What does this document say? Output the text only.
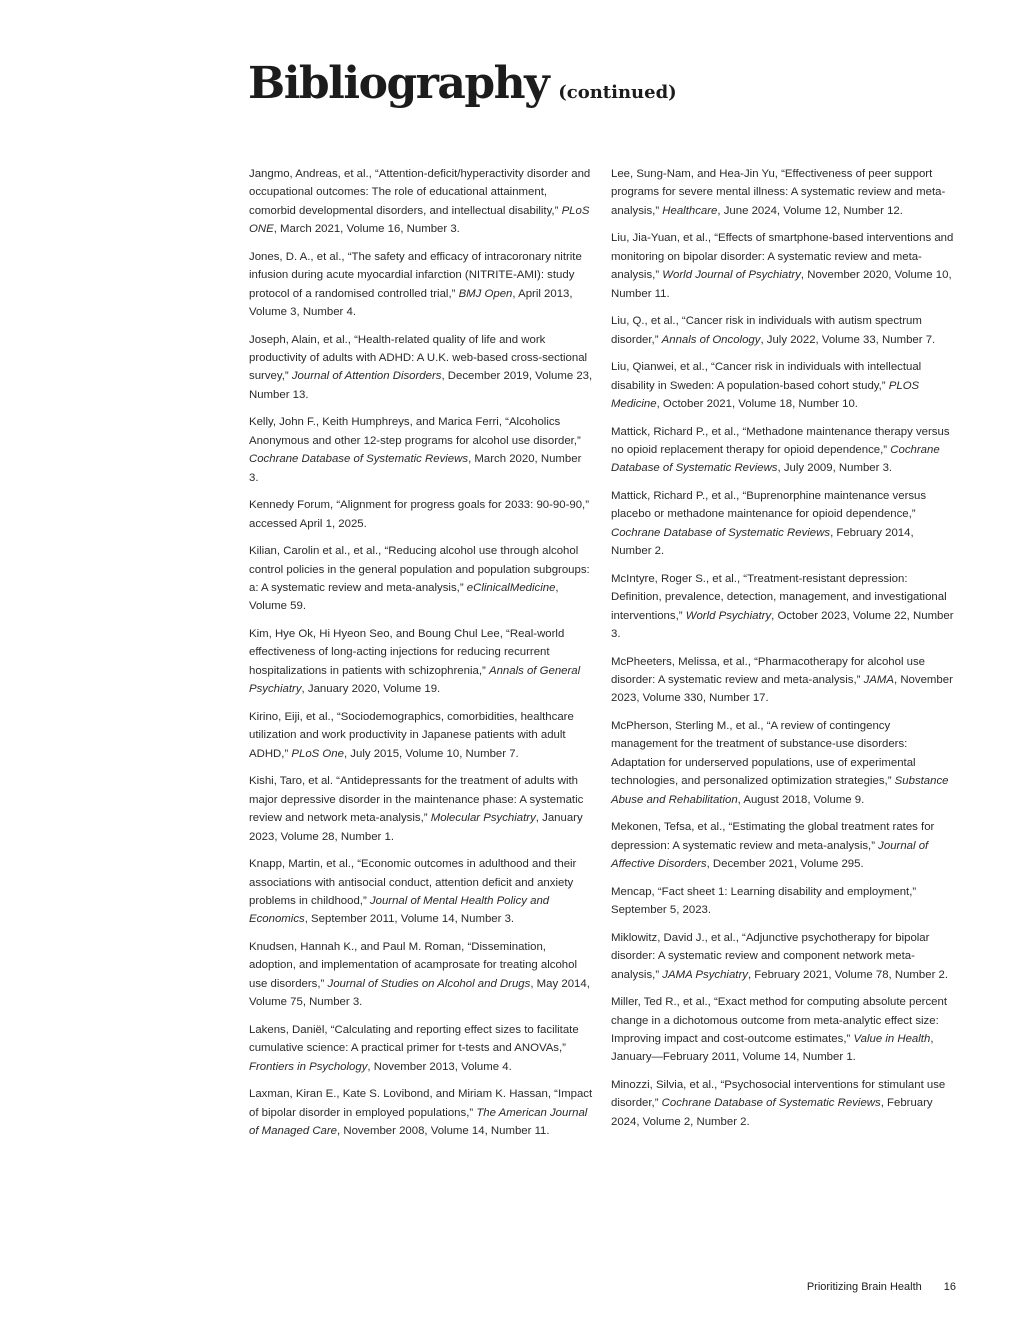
Bibliography (continued)

Jangmo, Andreas, et al., “Attention-deficit/hyperactivity disorder and occupational outcomes: The role of educational attainment, comorbid developmental disorders, and intellectual disability,” PLoS ONE, March 2021, Volume 16, Number 3.

Jones, D. A., et al., “The safety and efficacy of intracoronary nitrite infusion during acute myocardial infarction (NITRITE-AMI): study protocol of a randomised controlled trial,” BMJ Open, April 2013, Volume 3, Number 4.

Joseph, Alain, et al., “Health-related quality of life and work productivity of adults with ADHD: A U.K. web-based cross-sectional survey,” Journal of Attention Disorders, December 2019, Volume 23, Number 13.

Kelly, John F., Keith Humphreys, and Marica Ferri, “Alcoholics Anonymous and other 12-step programs for alcohol use disorder,” Cochrane Database of Systematic Reviews, March 2020, Number 3.

Kennedy Forum, “Alignment for progress goals for 2033: 90-90-90,” accessed April 1, 2025.

Kilian, Carolin et al., et al., “Reducing alcohol use through alcohol control policies in the general population and population subgroups: a: A systematic review and meta-analysis,” eClinicalMedicine, Volume 59.

Kim, Hye Ok, Hi Hyeon Seo, and Boung Chul Lee, “Real-world effectiveness of long-acting injections for reducing recurrent hospitalizations in patients with schizophrenia,” Annals of General Psychiatry, January 2020, Volume 19.

Kirino, Eiji, et al., “Sociodemographics, comorbidities, healthcare utilization and work productivity in Japanese patients with adult ADHD,” PLoS One, July 2015, Volume 10, Number 7.

Kishi, Taro, et al. “Antidepressants for the treatment of adults with major depressive disorder in the maintenance phase: A systematic review and network meta-analysis,” Molecular Psychiatry, January 2023, Volume 28, Number 1.

Knapp, Martin, et al., “Economic outcomes in adulthood and their associations with antisocial conduct, attention deficit and anxiety problems in childhood,” Journal of Mental Health Policy and Economics, September 2011, Volume 14, Number 3.

Knudsen, Hannah K., and Paul M. Roman, “Dissemination, adoption, and implementation of acamprosate for treating alcohol use disorders,” Journal of Studies on Alcohol and Drugs, May 2014, Volume 75, Number 3.

Lakens, Daniël, “Calculating and reporting effect sizes to facilitate cumulative science: A practical primer for t-tests and ANOVAs,” Frontiers in Psychology, November 2013, Volume 4.

Laxman, Kiran E., Kate S. Lovibond, and Miriam K. Hassan, “Impact of bipolar disorder in employed populations,” The American Journal of Managed Care, November 2008, Volume 14, Number 11.

Lee, Sung-Nam, and Hea-Jin Yu, “Effectiveness of peer support programs for severe mental illness: A systematic review and meta-analysis,” Healthcare, June 2024, Volume 12, Number 12.

Liu, Jia-Yuan, et al., “Effects of smartphone-based interventions and monitoring on bipolar disorder: A systematic review and meta-analysis,” World Journal of Psychiatry, November 2020, Volume 10, Number 11.

Liu, Q., et al., “Cancer risk in individuals with autism spectrum disorder,” Annals of Oncology, July 2022, Volume 33, Number 7.

Liu, Qianwei, et al., “Cancer risk in individuals with intellectual disability in Sweden: A population-based cohort study,” PLOS Medicine, October 2021, Volume 18, Number 10.

Mattick, Richard P., et al., “Methadone maintenance therapy versus no opioid replacement therapy for opioid dependence,” Cochrane Database of Systematic Reviews, July 2009, Number 3.

Mattick, Richard P., et al., “Buprenorphine maintenance versus placebo or methadone maintenance for opioid dependence,” Cochrane Database of Systematic Reviews, February 2014, Number 2.

McIntyre, Roger S., et al., “Treatment-resistant depression: Definition, prevalence, detection, management, and investigational interventions,” World Psychiatry, October 2023, Volume 22, Number 3.

McPheeters, Melissa, et al., “Pharmacotherapy for alcohol use disorder: A systematic review and meta-analysis,” JAMA, November 2023, Volume 330, Number 17.

McPherson, Sterling M., et al., “A review of contingency management for the treatment of substance-use disorders: Adaptation for underserved populations, use of experimental technologies, and personalized optimization strategies,” Substance Abuse and Rehabilitation, August 2018, Volume 9.

Mekonen, Tefsa, et al., “Estimating the global treatment rates for depression: A systematic review and meta-analysis,” Journal of Affective Disorders, December 2021, Volume 295.

Mencap, “Fact sheet 1: Learning disability and employment,” September 5, 2023.

Miklowitz, David J., et al., “Adjunctive psychotherapy for bipolar disorder: A systematic review and component network meta-analysis,” JAMA Psychiatry, February 2021, Volume 78, Number 2.

Miller, Ted R., et al., “Exact method for computing absolute percent change in a dichotomous outcome from meta-analytic effect size: Improving impact and cost-outcome estimates,” Value in Health, January—February 2011, Volume 14, Number 1.

Minozzi, Silvia, et al., “Psychosocial interventions for stimulant use disorder,” Cochrane Database of Systematic Reviews, February 2024, Volume 2, Number 2.

Prioritizing Brain Health 16
